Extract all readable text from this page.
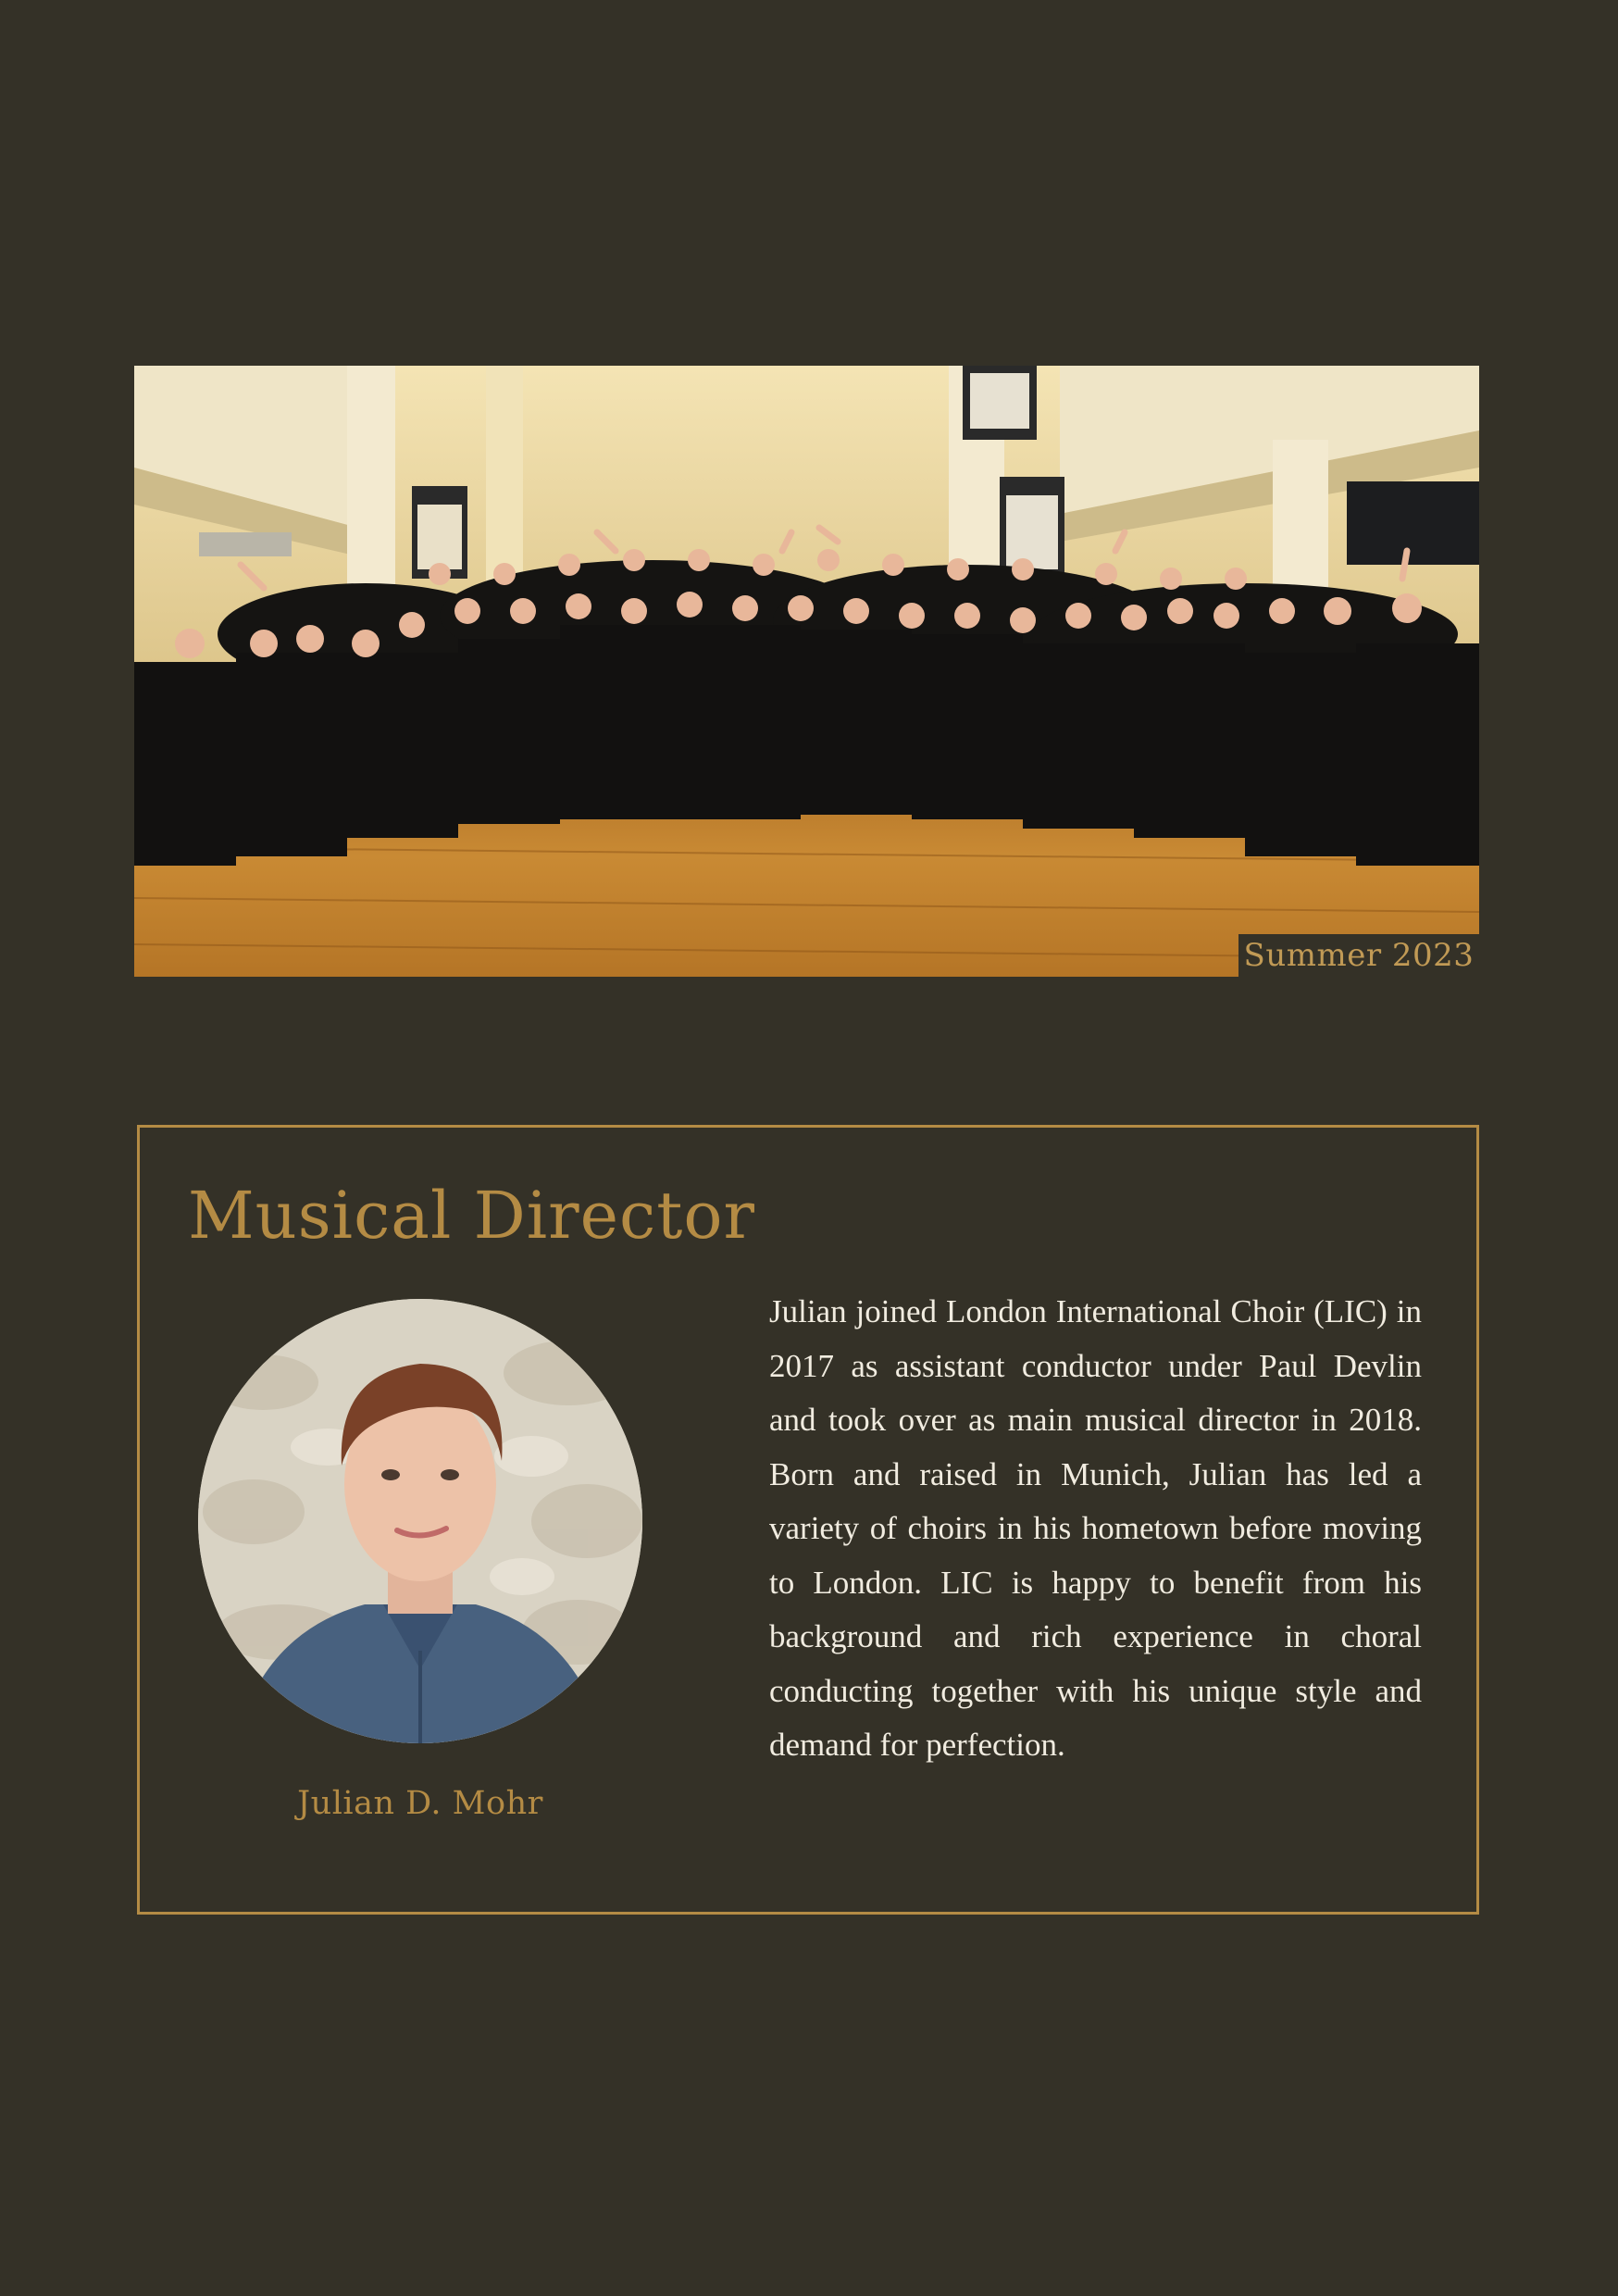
Summer 2023
Musical Director
Julian D. Mohr

Julian joined London International Choir (LIC) in 2017 as assistant conductor under Paul Devlin and took over as main musical director in 2018. Born and raised in Munich, Julian has led a variety of choirs in his hometown before moving to London. LIC is happy to benefit from his background and rich experience in choral conducting together with his unique style and demand for perfection.
